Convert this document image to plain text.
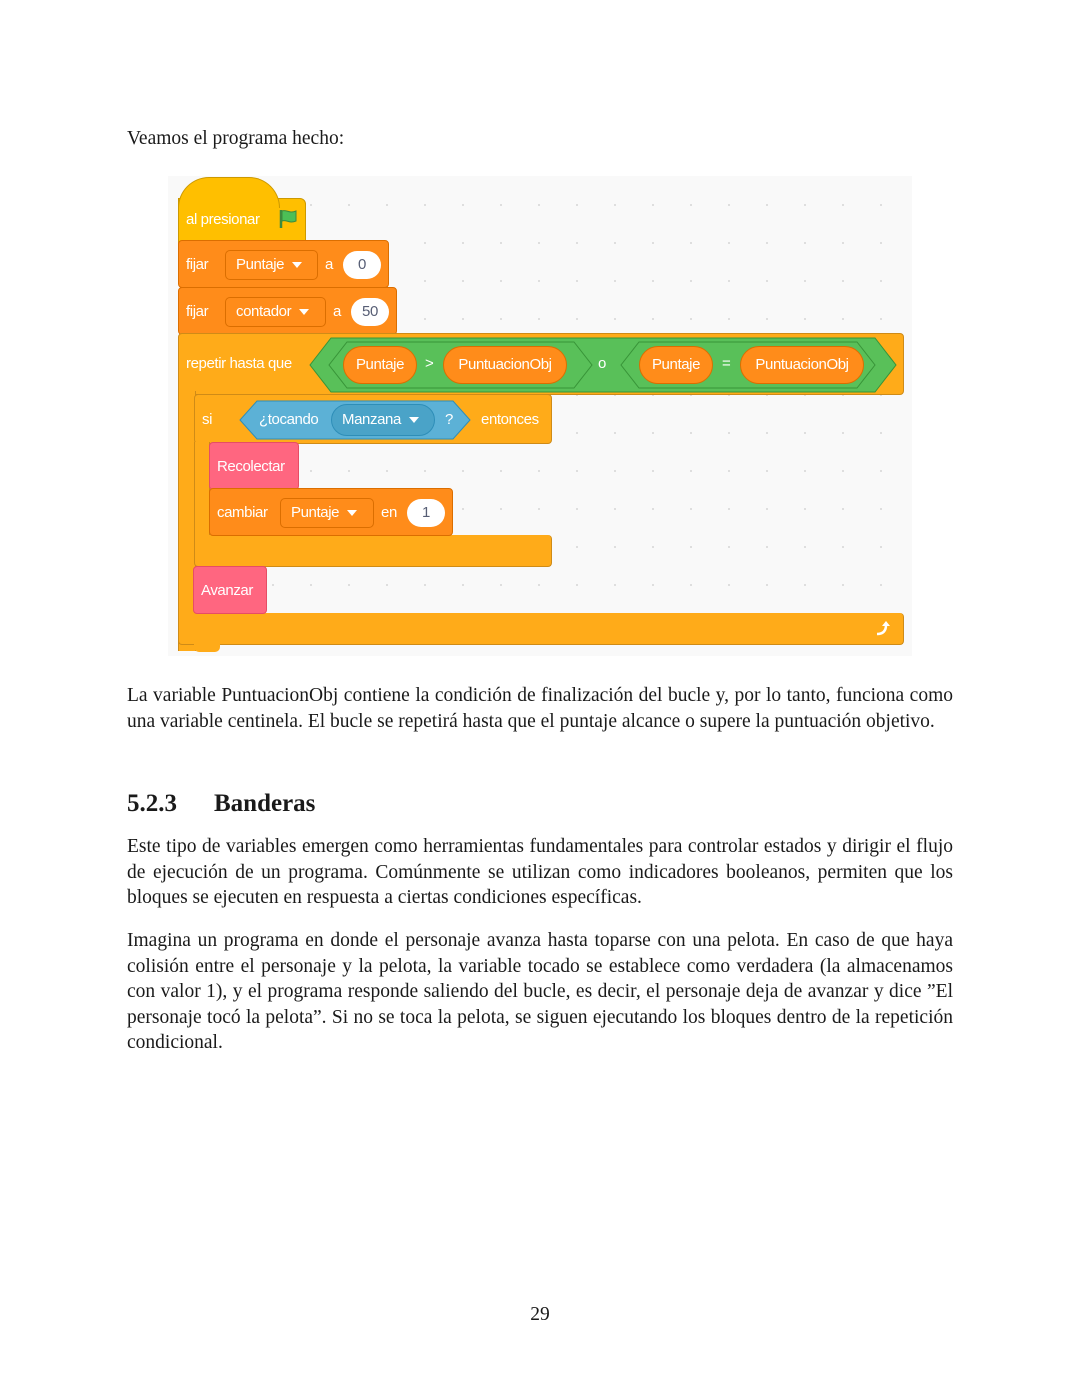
Veamos el programa hecho:
al presionar
fijar	Puntaje	a	0
fijar	contador	a	50
repetir hasta que	Puntaje	>	PuntuacionObj	o	Puntaje	=	PuntuacionObj
si	¿tocando	Manzana	? entonces
Recolectar
cambiar	Puntaje	en	1
Avanzar
La variable PuntuacionObj contiene la condición de finalización del bucle y, por lo tanto, funciona como una variable centinela. El bucle se repetirá hasta que el puntaje alcance o supere la puntuación objetivo.
5.2.3 Banderas
Este tipo de variables emergen como herramientas fundamentales para controlar estados y dirigir el flujo de ejecución de un programa. Comúnmente se utilizan como indicadores booleanos, permiten que los bloques se ejecuten en respuesta a ciertas condiciones específicas.
Imagina un programa en donde el personaje avanza hasta toparse con una pelota. En caso de que haya colisión entre el personaje y la pelota, la variable tocado se establece como verdadera (la almacenamos con valor 1), y el programa responde saliendo del bucle, es decir, el personaje deja de avanzar y dice ”El personaje tocó la pelota”. Si no se toca la pelota, se siguen ejecutando los bloques dentro de la repetición condicional.
29
